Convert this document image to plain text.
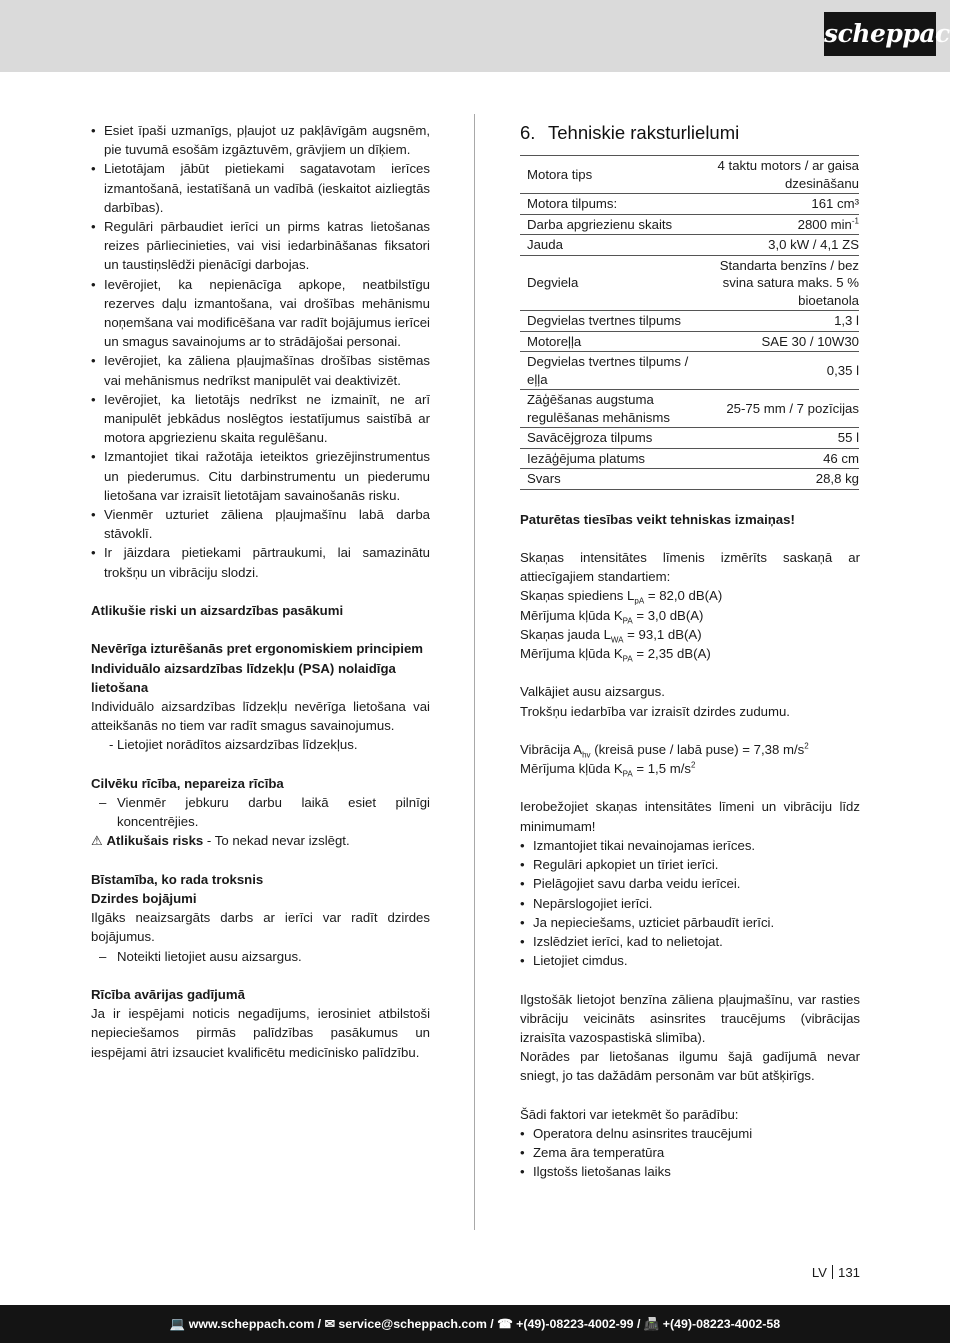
scheppach
• Esiet īpaši uzmanīgs, pļaujot uz pakļāvīgām augsnēm, pie tuvumā esošām izgāztuvēm, grāvjiem un dīķiem.
• Lietotājam jābūt pietiekami sagatavotam ierīces izmantošanā, iestatīšanā un vadībā (ieskaitot aizliegtās darbības).
• Regulāri pārbaudiet ierīci un pirms katras lietošanas reizes pārliecinieties, vai visi iedarbināšanas fiksatori un taustiņslēdži pienācīgi darbojas.
• Ievērojiet, ka nepienācīga apkope, neatbilstīgu rezerves daļu izmantošana, vai drošības mehānismu noņemšana vai modificēšana var radīt bojājumus ierīcei un smagus savainojums ar to strādājošai personai.
• Ievērojiet, ka zāliena pļaujmašīnas drošības sistēmas vai mehānismus nedrīkst manipulēt vai deaktivizēt.
• Ievērojiet, ka lietotājs nedrīkst ne izmainīt, ne arī manipulēt jebkādus noslēgtos iestatījumus saistībā ar motora apgriezienu skaita regulēšanu.
• Izmantojiet tikai ražotāja ieteiktos griezējinstrumentus un piederumus. Citu darbinstrumentu un piederumu lietošana var izraisīt lietotājam savainošanās risku.
• Vienmēr uzturiet zāliena pļaujmašīnu labā darba stāvoklī.
• Ir jāizdara pietiekami pārtraukumi, lai samazinātu trokšņu un vibrāciju slodzi.
Atlikušie riski un aizsardzības pasākumi
Nevērīga izturēšanās pret ergonomiskiem principiem
Individuālo aizsardzības līdzekļu (PSA) nolaidīga lietošana
Individuālo aizsardzības līdzekļu nevērīga lietošana vai atteikšanās no tiem var radīt smagus savainojumus.
- Lietojiet norādītos aizsardzības līdzekļus.
Cilvēku rīcība, nepareiza rīcība
– Vienmēr jebkuru darbu laikā esiet pilnīgi koncentrējies.
⚠ Atlikušais risks - To nekad nevar izslēgt.
Bīstamība, ko rada troksnis
Dzirdes bojājumi
Ilgāks neaizsargāts darbs ar ierīci var radīt dzirdes bojājumus.
– Noteikti lietojiet ausu aizsargus.
Rīcība avārijas gadījumā
Ja ir iespējami noticis negadījums, ierosiniet atbilstoši nepieciešamos pirmās palīdzības pasākumus un iespējami ātri izsauciet kvalificētu medicīnisko palīdzību.
6. Tehniskie raksturlielumi
Motora tips	4 taktu motors / ar gaisa dzesināšanu
Motora tilpums:	161 cm³
Darba apgriezienu skaits	2800 $\min^{-1}$
Jauda	3,0 kW / 4,1 ZS
Degviela	Standarta benzīns / bez svina satura maks. 5 % bioetanola
Degvielas tvertnes tilpums	1,3 l
Motoreļļa	SAE 30 / 10W30
Degvielas tvertnes tilpums / eļļa	0,35 l
Zāģēšanas augstuma regulēšanas mehānisms	25-75 mm / 7 pozīcijas
Savācējgroza tilpums	55 l
Iezāģējuma platums	46 cm
Svars	28,8 kg
Paturētas tiesības veikt tehniskas izmaiņas!
Skaņas intensitātes līmenis izmērīts saskaņā ar attiecīgajiem standartiem:
Skaņas spiediens $L_{pA} = 82,0$ dB(A)
Mērījuma kļūda $K_{PA} = 3,0$ dB(A)
Skaņas jauda $L_{WA} = 93,1$ dB(A)
Mērījuma kļūda $K_{PA} = 2,35$ dB(A)
Valkājiet ausu aizsargus.
Trokšņu iedarbība var izraisīt dzirdes zudumu.
Vibrācija $A_{hv}$ (kreisā puse / labā puse) = 7,38 $m/s^2$
Mērījuma kļūda $K_{PA} = 1,5$ $m/s^2$
Ierobežojiet skaņas intensitātes līmeni un vibrāciju līdz minimumam!
• Izmantojiet tikai nevainojamas ierīces.
• Regulāri apkopiet un tīriet ierīci.
• Pielāgojiet savu darba veidu ierīcei.
• Nepārslogojiet ierīci.
• Ja nepieciešams, uzticiet pārbaudīt ierīci.
• Izslēdziet ierīci, kad to nelietojat.
• Lietojiet cimdus.
Ilgstošāk lietojot benzīna zāliena pļaujmašīnu, var rasties vibrāciju veicināts asinsrites traucējums (vibrācijas izraisīta vazospastiskā slimība).
Norādes par lietošanas ilgumu šajā gadījumā nevar sniegt, jo tas dažādām personām var būt atšķirīgs.
Šādi faktori var ietekmēt šo parādību:
• Operatora delnu asinsrites traucējumi
• Zema āra temperatūra
• Ilgstošs lietošanas laiks
LV 131
💻 www.scheppach.com / ✉ service@scheppach.com / ☎ +(49)-08223-4002-99 / 📠 +(49)-08223-4002-58
